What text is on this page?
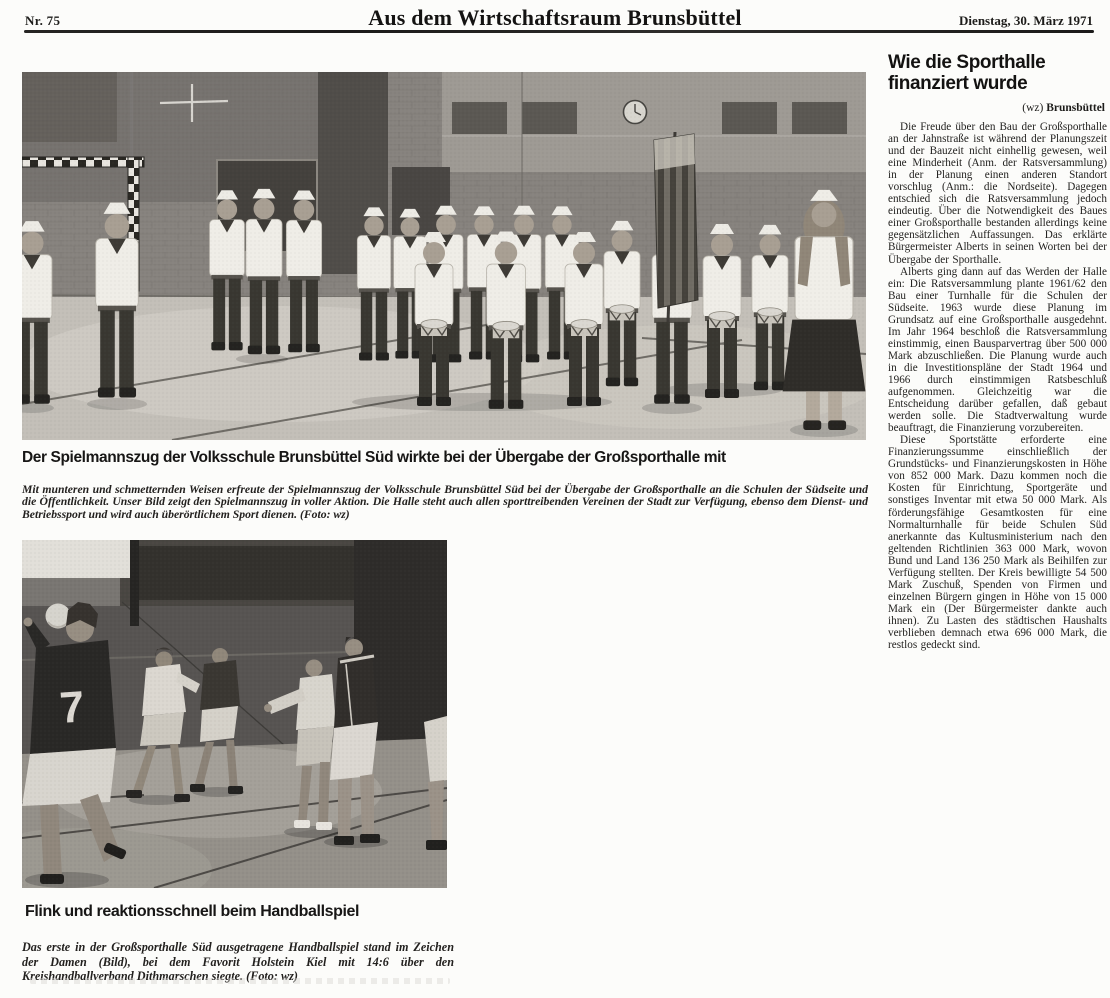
Nr. 75	Aus dem Wirtschaftsraum Brunsbüttel	Dienstag, 30. März 1971
Der Spielmannszug der Volksschule Brunsbüttel Süd wirkte bei der Übergabe der Großsporthalle mit

Mit munteren und schmetternden Weisen erfreute der Spielmannszug der Volksschule Brunsbüttel Süd bei der Übergabe der Großsporthalle an die Schulen der Südseite und die Öffentlichkeit. Unser Bild zeigt den Spielmannszug in voller Aktion. Die Halle steht auch allen sporttreibenden Vereinen der Stadt zur Verfügung, ebenso dem Dienst- und Betriebssport und wird auch überörtlichem Sport dienen. (Foto: wz)

Flink und reaktionsschnell beim Handballspiel

Das erste in der Großsporthalle Süd ausgetragene Handballspiel stand im Zeichen der Damen (Bild), bei dem Favorit Holstein Kiel mit 14:6 über den Kreishandballverband Dithmarschen siegte. (Foto: wz)

Wie die Sporthalle
finanziert wurde
(wz) Brunsbüttel

Die Freude über den Bau der Großsporthalle an der Jahnstraße ist während der Planungszeit und der Bauzeit nicht einhellig gewesen, weil eine Minderheit (Anm. der Ratsversammlung) in der Planung einen anderen Standort vorschlug (Anm.: die Nordseite). Dagegen entschied sich die Ratsversammlung jedoch eindeutig. Über die Notwendigkeit des Baues einer Großsporthalle bestanden allerdings keine gegensätzlichen Auffassungen. Das erklärte Bürgermeister Alberts in seinen Worten bei der Übergabe der Sporthalle.

Alberts ging dann auf das Werden der Halle ein: Die Ratsversammlung plante 1961/62 den Bau einer Turnhalle für die Schulen der Südseite. 1963 wurde diese Planung im Grundsatz auf eine Großsporthalle ausgedehnt. Im Jahr 1964 beschloß die Ratsversammlung einstimmig, einen Bausparvertrag über 500 000 Mark abzuschließen. Die Planung wurde auch in die Investitionspläne der Stadt 1964 und 1966 durch einstimmigen Ratsbeschluß aufgenommen. Gleichzeitig war die Entscheidung darüber gefallen, daß gebaut werden solle. Die Stadtverwaltung wurde beauftragt, die Finanzierung vorzubereiten.

Diese Sportstätte erforderte eine Finanzierungssumme einschließlich der Grundstücks- und Finanzierungskosten in Höhe von 852 000 Mark. Dazu kommen noch die Kosten für Einrichtung, Sportgeräte und sonstiges Inventar mit etwa 50 000 Mark. Als förderungsfähige Gesamtkosten für eine Normalturnhalle für beide Schulen Süd anerkannte das Kultusministerium nach den geltenden Richtlinien 363 000 Mark, wovon Bund und Land 136 250 Mark als Beihilfen zur Verfügung stellten. Der Kreis bewilligte 54 500 Mark Zuschuß, Spenden von Firmen und einzelnen Bürgern gingen in Höhe von 15 000 Mark ein (Der Bürgermeister dankte auch ihnen). Zu Lasten des städtischen Haushalts verblieben demnach etwa 696 000 Mark, die restlos gedeckt sind.
